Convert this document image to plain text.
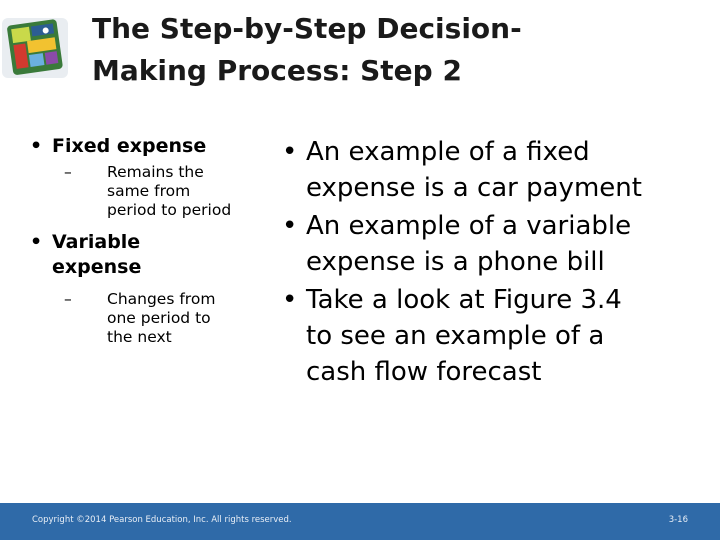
The Step-by-Step Decision-
Making Process: Step 2
• Fixed expense
– Remains the
same from
period to period
• Variable
expense
– Changes from
one period to
the next
• An example of a fixed
expense is a car payment
• An example of a variable
expense is a phone bill
• Take a look at Figure 3.4
to see an example of a
cash flow forecast
Copyright ©2014 Pearson Education, Inc. All rights reserved.	3-16
